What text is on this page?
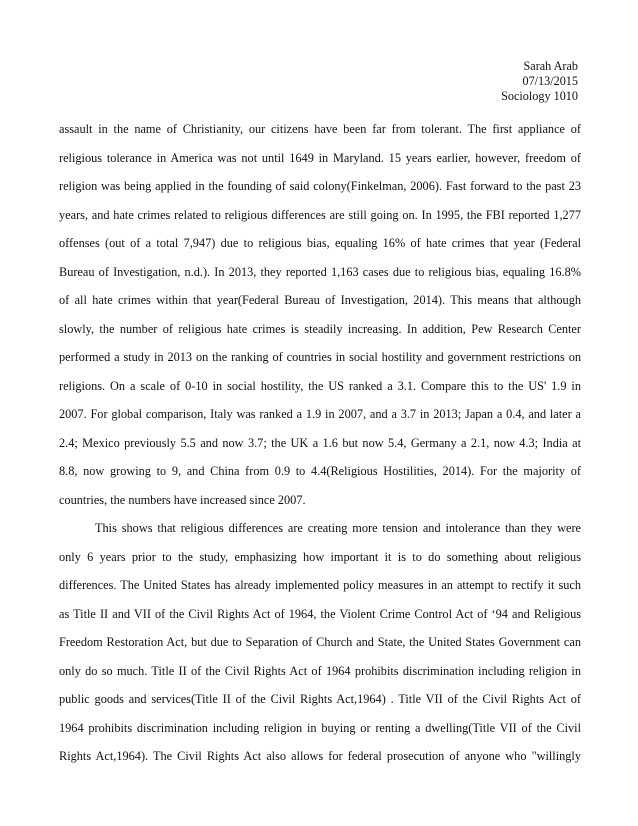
Sarah Arab
07/13/2015
Sociology 1010
assault in the name of Christianity, our citizens have been far from tolerant. The first appliance of
religious tolerance in America was not until 1649 in Maryland. 15 years earlier, however, freedom of
religion was being applied in the founding of said colony(Finkelman, 2006). Fast forward to the past 23
years, and hate crimes related to religious differences are still going on. In 1995, the FBI reported 1,277
offenses (out of a total 7,947) due to religious bias, equaling 16% of hate crimes that year (Federal
Bureau of Investigation, n.d.). In 2013, they reported 1,163 cases due to religious bias, equaling 16.8%
of all hate crimes within that year(Federal Bureau of Investigation, 2014). This means that although
slowly, the number of religious hate crimes is steadily increasing. In addition, Pew Research Center
performed a study in 2013 on the ranking of countries in social hostility and government restrictions on
religions. On a scale of 0-10 in social hostility, the US ranked a 3.1. Compare this to the US' 1.9 in
2007. For global comparison, Italy was ranked a 1.9 in 2007, and a 3.7 in 2013; Japan a 0.4, and later a
2.4; Mexico previously 5.5 and now 3.7; the UK a 1.6 but now 5.4, Germany a 2.1, now 4.3; India at
8.8, now growing to 9, and China from 0.9 to 4.4(Religious Hostilities, 2014). For the majority of
countries, the numbers have increased since 2007.
This shows that religious differences are creating more tension and intolerance than they were
only 6 years prior to the study, emphasizing how important it is to do something about religious
differences. The United States has already implemented policy measures in an attempt to rectify it such
as Title II and VII of the Civil Rights Act of 1964, the Violent Crime Control Act of ‘94 and Religious
Freedom Restoration Act, but due to Separation of Church and State, the United States Government can
only do so much. Title II of the Civil Rights Act of 1964 prohibits discrimination including religion in
public goods and services(Title II of the Civil Rights Act,1964) . Title VII of the Civil Rights Act of
1964 prohibits discrimination including religion in buying or renting a dwelling(Title VII of the Civil
Rights Act,1964). The Civil Rights Act also allows for federal prosecution of anyone who "willingly
